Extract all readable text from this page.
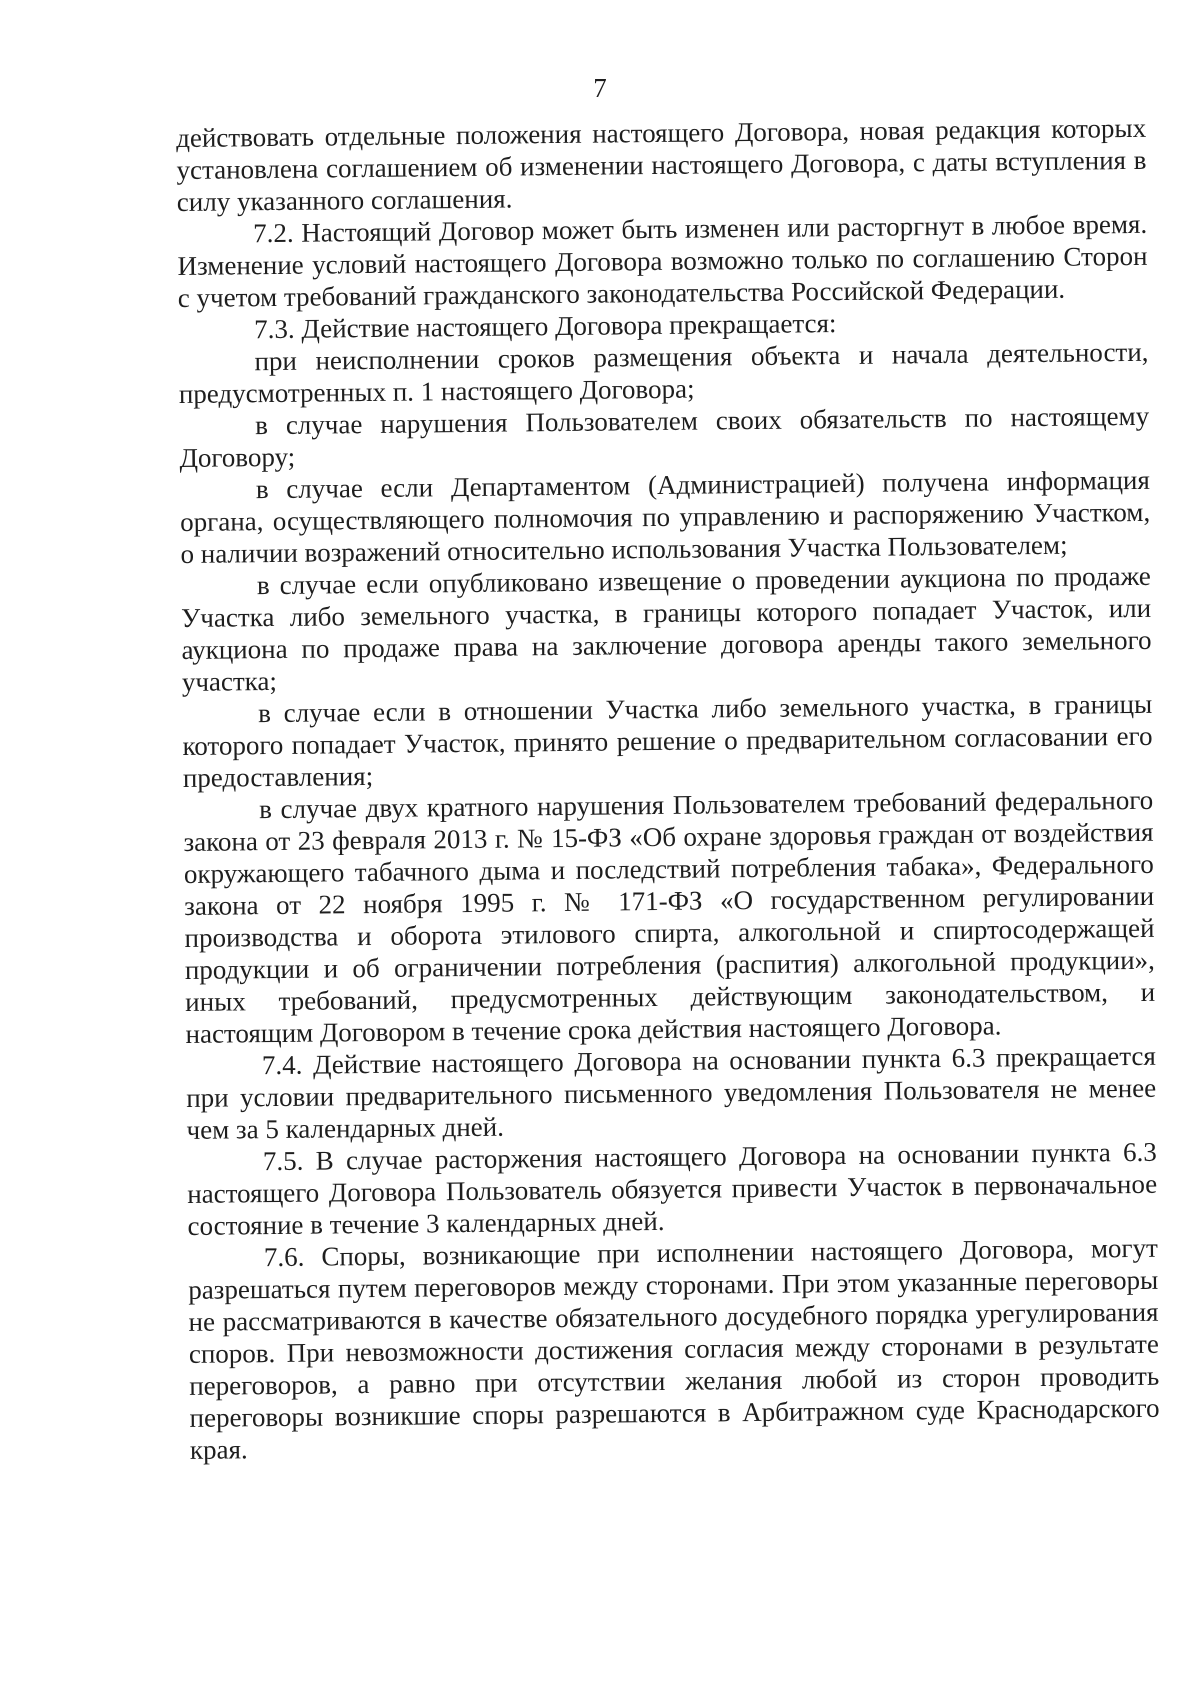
7

действовать отдельные положения настоящего Договора, новая редакция которых установлена соглашением об изменении настоящего Договора, с даты вступления в силу указанного соглашения.

7.2. Настоящий Договор может быть изменен или расторгнут в любое время. Изменение условий настоящего Договора возможно только по соглашению Сторон с учетом требований гражданского законодательства Российской Федерации.

7.3. Действие настоящего Договора прекращается:

при неисполнении сроков размещения объекта и начала деятельности, предусмотренных п. 1 настоящего Договора;

в случае нарушения Пользователем своих обязательств по настоящему Договору;

в случае если Департаментом (Администрацией) получена информация органа, осуществляющего полномочия по управлению и распоряжению Участком, о наличии возражений относительно использования Участка Пользователем;

в случае если опубликовано извещение о проведении аукциона по продаже Участка либо земельного участка, в границы которого попадает Участок, или аукциона по продаже права на заключение договора аренды такого земельного участка;

в случае если в отношении Участка либо земельного участка, в границы которого попадает Участок, принято решение о предварительном согласовании его предоставления;

в случае двух кратного нарушения Пользователем требований федерального закона от 23 февраля 2013 г. № 15-ФЗ «Об охране здоровья граждан от воздействия окружающего табачного дыма и последствий потребления табака», Федерального закона от 22 ноября 1995 г. № 171-ФЗ «О государственном регулировании производства и оборота этилового спирта, алкогольной и спиртосодержащей продукции и об ограничении потребления (распития) алкогольной продукции», иных требований, предусмотренных действующим законодательством, и настоящим Договором в течение срока действия настоящего Договора.

7.4. Действие настоящего Договора на основании пункта 6.3 прекращается при условии предварительного письменного уведомления Пользователя не менее чем за 5 календарных дней.

7.5. В случае расторжения настоящего Договора на основании пункта 6.3 настоящего Договора Пользователь обязуется привести Участок в первоначальное состояние в течение 3 календарных дней.

7.6. Споры, возникающие при исполнении настоящего Договора, могут разрешаться путем переговоров между сторонами. При этом указанные переговоры не рассматриваются в качестве обязательного досудебного порядка урегулирования споров. При невозможности достижения согласия между сторонами в результате переговоров, а равно при отсутствии желания любой из сторон проводить переговоры возникшие споры разрешаются в Арбитражном суде Краснодарского края.
